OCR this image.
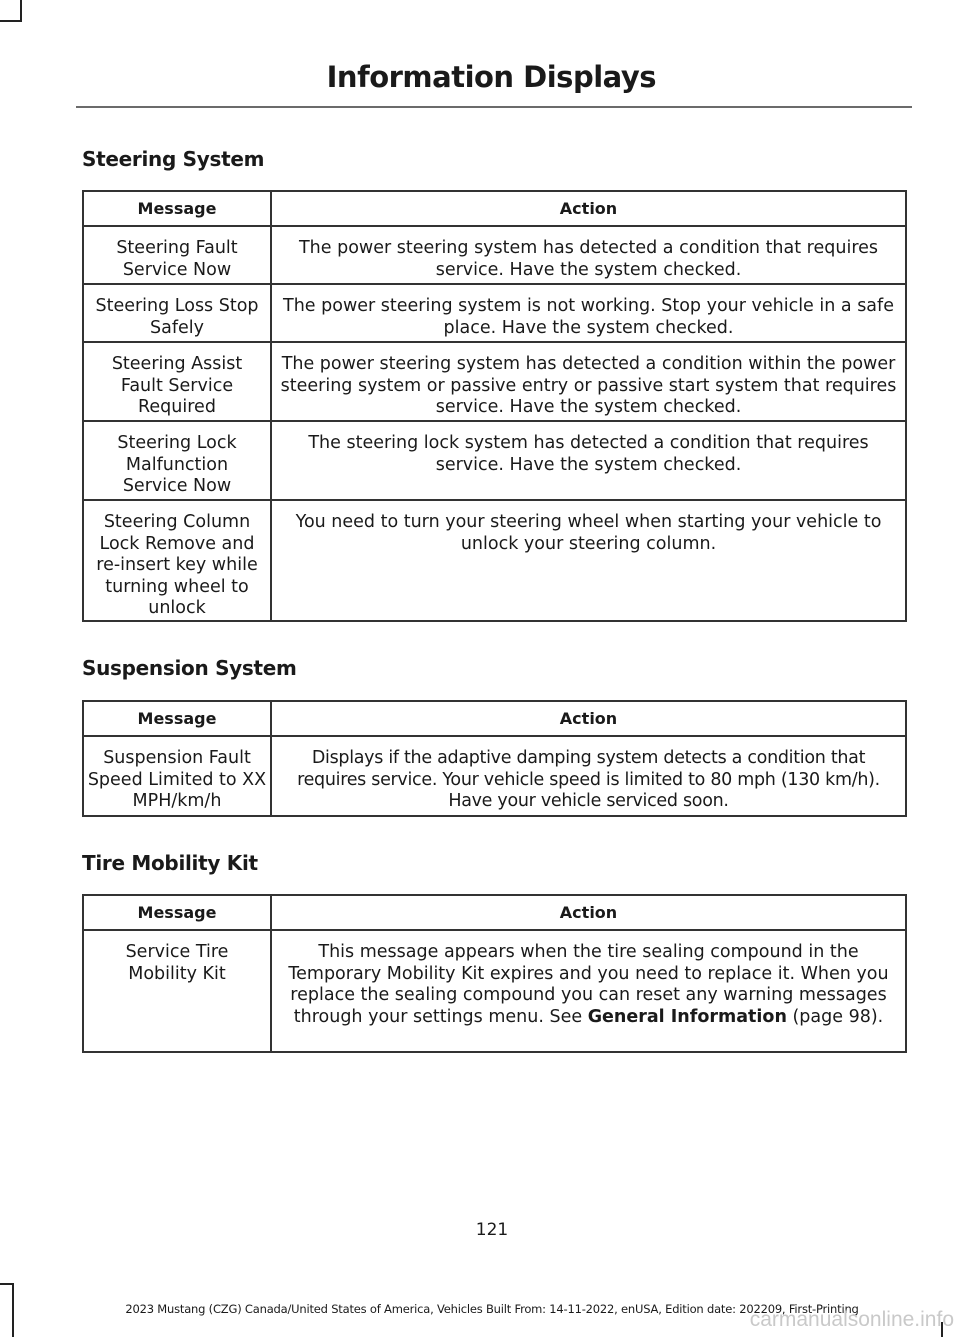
Information Displays
Steering System
Message	Action
Steering Fault Service Now	The power steering system has detected a condition that requires service. Have the system checked.
Steering Loss Stop Safely	The power steering system is not working. Stop your vehicle in a safe place. Have the system checked.
Steering Assist Fault Service Required	The power steering system has detected a condition within the power steering system or passive entry or passive start system that requires service. Have the system checked.
Steering Lock Malfunction Service Now	The steering lock system has detected a condition that requires service. Have the system checked.
Steering Column Lock Remove and re-insert key while turning wheel to unlock	You need to turn your steering wheel when starting your vehicle to unlock your steering column.
Suspension System
Message	Action
Suspension Fault Speed Limited to XX MPH/km/h	Displays if the adaptive damping system detects a condition that requires service. Your vehicle speed is limited to 80 mph (130 km/h). Have your vehicle serviced soon.
Tire Mobility Kit
Message	Action
Service Tire Mobility Kit	This message appears when the tire sealing compound in the Temporary Mobility Kit expires and you need to replace it. When you replace the sealing compound you can reset any warning messages through your settings menu. See General Information (page 98).
121
2023 Mustang (CZG) Canada/United States of America, Vehicles Built From: 14-11-2022, enUSA, Edition date: 202209, First-Printing
carmanualsonline.info
